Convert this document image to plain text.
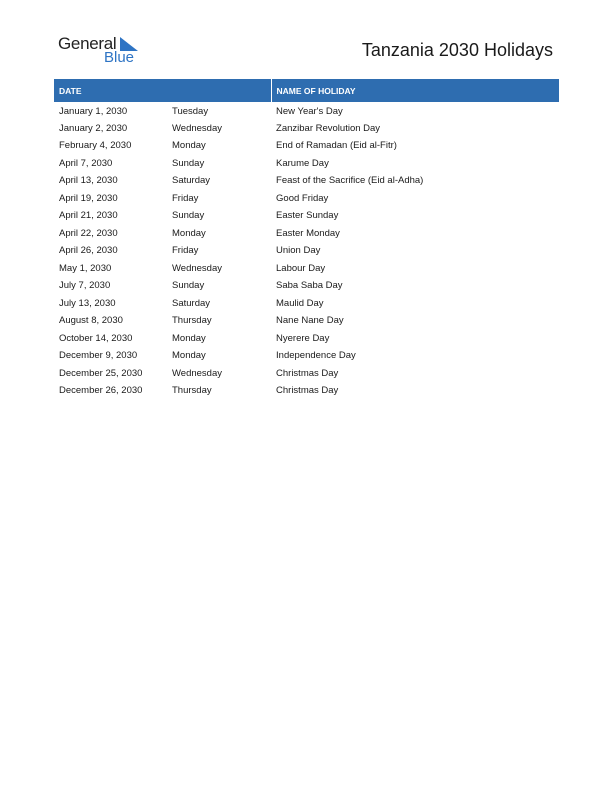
General
Blue	Tanzania 2030 Holidays
DATE		NAME OF HOLIDAY
January 1, 2030	Tuesday	New Year's Day
January 2, 2030	Wednesday	Zanzibar Revolution Day
February 4, 2030	Monday	End of Ramadan (Eid al-Fitr)
April 7, 2030	Sunday	Karume Day
April 13, 2030	Saturday	Feast of the Sacrifice (Eid al-Adha)
April 19, 2030	Friday	Good Friday
April 21, 2030	Sunday	Easter Sunday
April 22, 2030	Monday	Easter Monday
April 26, 2030	Friday	Union Day
May 1, 2030	Wednesday	Labour Day
July 7, 2030	Sunday	Saba Saba Day
July 13, 2030	Saturday	Maulid Day
August 8, 2030	Thursday	Nane Nane Day
October 14, 2030	Monday	Nyerere Day
December 9, 2030	Monday	Independence Day
December 25, 2030	Wednesday	Christmas Day
December 26, 2030	Thursday	Christmas Day
